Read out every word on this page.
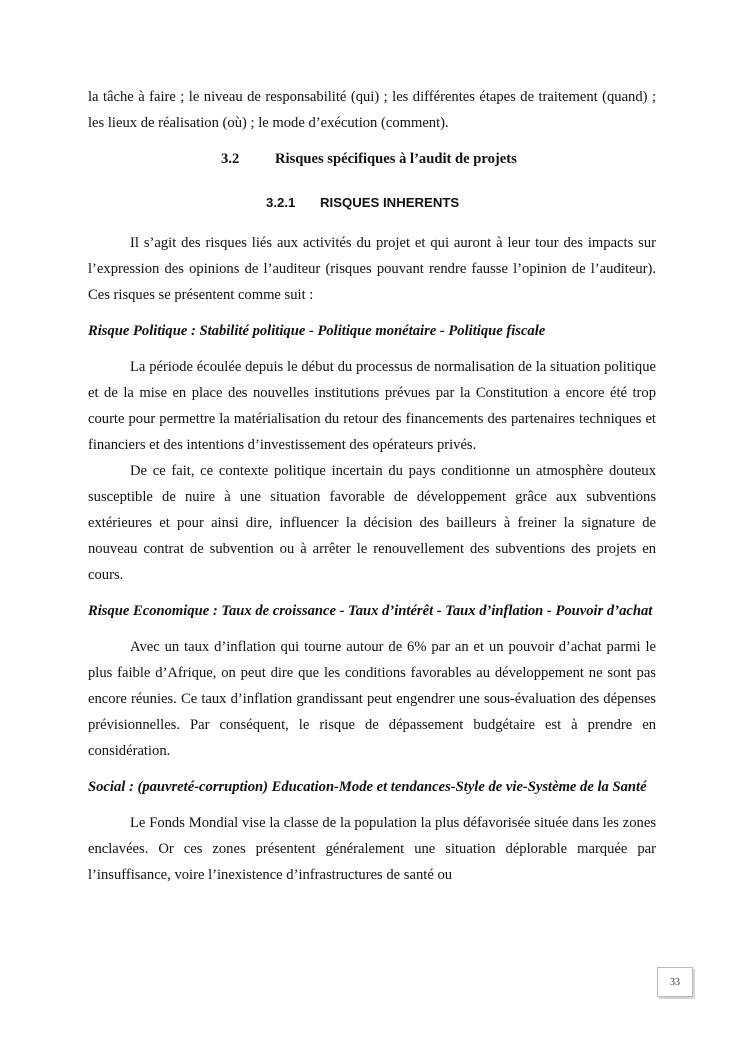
la tâche à faire ; le niveau de responsabilité (qui) ; les différentes étapes de traitement (quand) ; les lieux de réalisation (où) ; le mode d’exécution (comment).

3.2	Risques spécifiques à l’audit de projets
3.2.1	RISQUES INHERENTS

Il s’agit des risques liés aux activités du projet et qui auront à leur tour des impacts sur l’expression des opinions de l’auditeur (risques pouvant rendre fausse l’opinion de l’auditeur). Ces risques se présentent comme suit :

Risque Politique : Stabilité politique - Politique monétaire - Politique fiscale

La période écoulée depuis le début du processus de normalisation de la situation politique et de la mise en place des nouvelles institutions prévues par la Constitution a encore été trop courte pour permettre la matérialisation du retour des financements des partenaires techniques et financiers et des intentions d’investissement des opérateurs privés.

De ce fait, ce contexte politique incertain du pays conditionne un atmosphère douteux susceptible de nuire à une situation favorable de développement grâce aux subventions extérieures et pour ainsi dire, influencer la décision des bailleurs à freiner la signature de nouveau contrat de subvention ou à arrêter le renouvellement des subventions des projets en cours.

Risque Economique : Taux de croissance - Taux d’intérêt - Taux d’inflation - Pouvoir d’achat

Avec un taux d’inflation qui tourne autour de 6% par an et un pouvoir d’achat parmi le plus faible d’Afrique, on peut dire que les conditions favorables au développement ne sont pas encore réunies. Ce taux d’inflation grandissant peut engendrer une sous-évaluation des dépenses prévisionnelles. Par conséquent, le risque de dépassement budgétaire est à prendre en considération.

Social : (pauvreté-corruption) Education-Mode et tendances-Style de vie-Système de la Santé

Le Fonds Mondial vise la classe de la population la plus défavorisée située dans les zones enclavées. Or ces zones présentent généralement une situation déplorable marquée par l’insuffisance, voire l’inexistence d’infrastructures de santé ou

33
